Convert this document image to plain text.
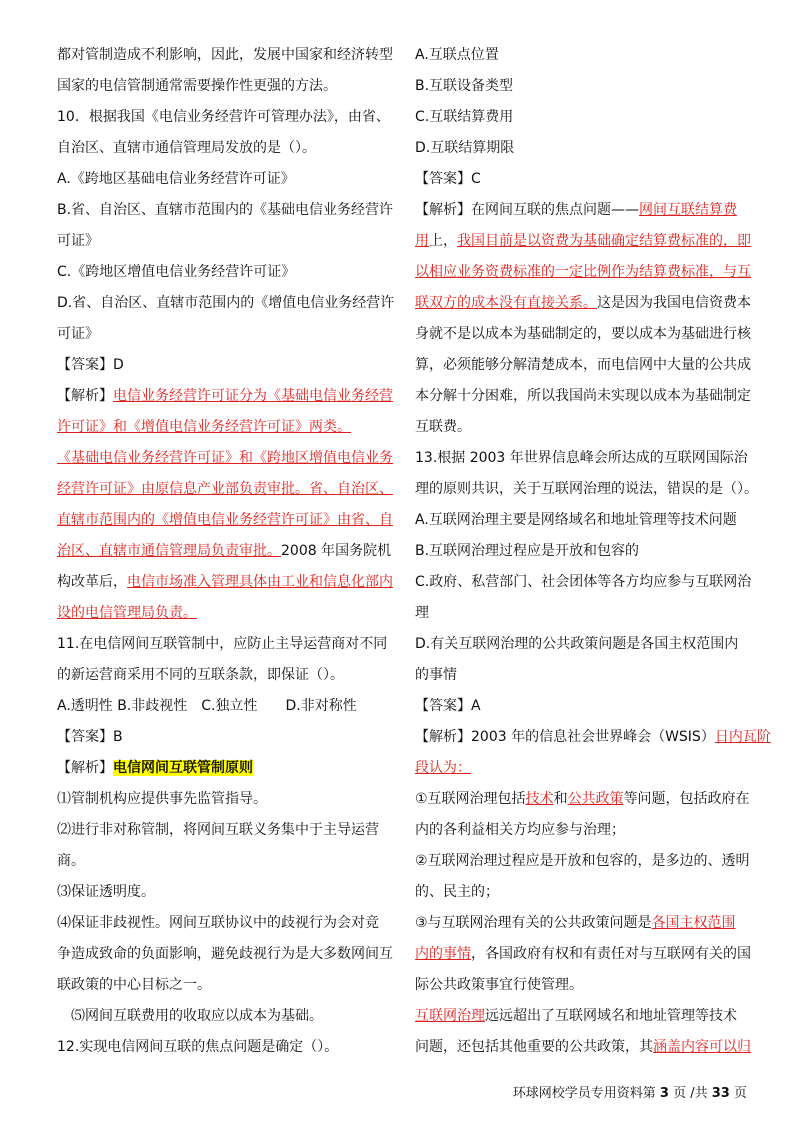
都对管制造成不利影响，因此，发展中国家和经济转型
国家的电信管制通常需要操作性更强的方法。
10．根据我国《电信业务经营许可管理办法》，由省、
自治区、直辖市通信管理局发放的是（）。
A.《跨地区基础电信业务经营许可证》
B.省、自治区、直辖市范围内的《基础电信业务经营许
可证》
C.《跨地区增值电信业务经营许可证》
D.省、自治区、直辖市范围内的《增值电信业务经营许
可证》
【答案】D
【解析】电信业务经营许可证分为《基础电信业务经营
许可证》和《增值电信业务经营许可证》两类。
《基础电信业务经营许可证》和《跨地区增值电信业务
经营许可证》由原信息产业部负责审批。省、自治区、
直辖市范围内的《增值电信业务经营许可证》由省、自
治区、直辖市通信管理局负责审批。2008 年国务院机
构改革后，电信市场准入管理具体由工业和信息化部内
设的电信管理局负责。
11.在电信网间互联管制中，应防止主导运营商对不同
的新运营商采用不同的互联条款，即保证（）。
A.透明性 B.非歧视性　C.独立性　　D.非对称性
【答案】B
【解析】电信网间互联管制原则
⑴管制机构应提供事先监管指导。
⑵进行非对称管制，将网间互联义务集中于主导运营
商。
⑶保证透明度。
⑷保证非歧视性。网间互联协议中的歧视行为会对竞
争造成致命的负面影响，避免歧视行为是大多数网间互
联政策的中心目标之一。
　⑸网间互联费用的收取应以成本为基础。
12.实现电信网间互联的焦点问题是确定（）。
A.互联点位置
B.互联设备类型
C.互联结算费用
D.互联结算期限
【答案】C
【解析】在网间互联的焦点问题——网间互联结算费
用上，我国目前是以资费为基础确定结算费标准的，即
以相应业务资费标准的一定比例作为结算费标准，与互
联双方的成本没有直接关系。这是因为我国电信资费本
身就不是以成本为基础制定的，要以成本为基础进行核
算，必须能够分解清楚成本，而电信网中大量的公共成
本分解十分困难，所以我国尚未实现以成本为基础制定
互联费。
13.根据 2003 年世界信息峰会所达成的互联网国际治
理的原则共识，关于互联网治理的说法，错误的是（）。
A.互联网治理主要是网络域名和地址管理等技术问题
B.互联网治理过程应是开放和包容的
C.政府、私营部门、社会团体等各方均应参与互联网治
理
D.有关互联网治理的公共政策问题是各国主权范围内
的事情
【答案】A
【解析】2003 年的信息社会世界峰会（WSIS）日内瓦阶
段认为：
①互联网治理包括技术和公共政策等问题，包括政府在
内的各利益相关方均应参与治理；
②互联网治理过程应是开放和包容的，是多边的、透明
的、民主的；
③与互联网治理有关的公共政策问题是各国主权范围
内的事情，各国政府有权和有责任对与互联网有关的国
际公共政策事宜行使管理。
互联网治理远远超出了互联网域名和地址管理等技术
问题，还包括其他重要的公共政策，其涵盖内容可以归
环球网校学员专用资料第 3 页 /共 33 页
